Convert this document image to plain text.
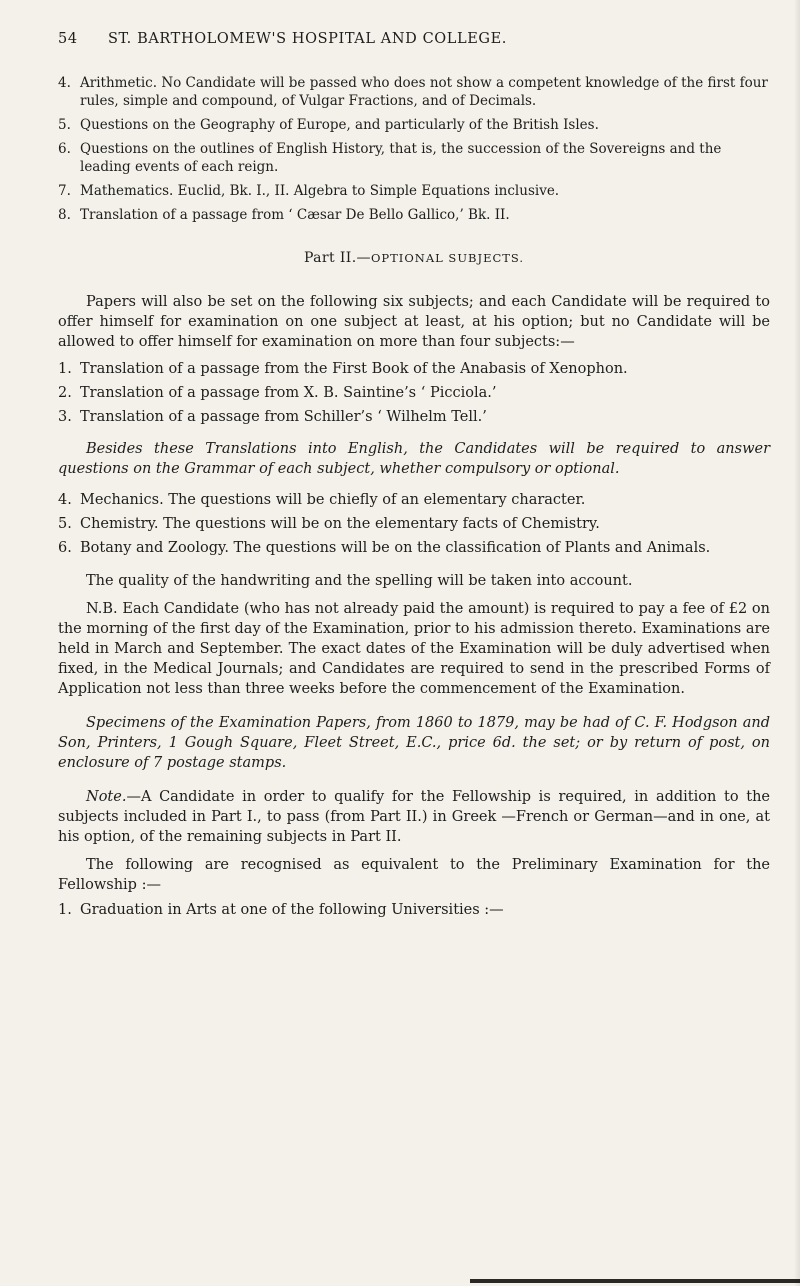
54 ST. BARTHOLOMEW'S HOSPITAL AND COLLEGE.
4. Arithmetic. No Candidate will be passed who does not show a competent knowledge of the first four rules, simple and compound, of Vulgar Fractions, and of Decimals.
5. Questions on the Geography of Europe, and particularly of the British Isles.
6. Questions on the outlines of English History, that is, the succession of the Sovereigns and the leading events of each reign.
7. Mathematics. Euclid, Bk. I., II. Algebra to Simple Equations inclusive.
8. Translation of a passage from ‘ Cæsar De Bello Gallico,’ Bk. II.
Part II.—OPTIONAL SUBJECTS.

Papers will also be set on the following six subjects; and each Candidate will be required to offer himself for examination on one subject at least, at his option; but no Candidate will be allowed to offer himself for examination on more than four subjects:—

1. Translation of a passage from the First Book of the Anabasis of Xenophon.
2. Translation of a passage from X. B. Saintine’s ‘ Picciola.’
3. Translation of a passage from Schiller’s ‘ Wilhelm Tell.’

Besides these Translations into English, the Candidates will be required to answer questions on the Grammar of each subject, whether compulsory or optional.

4. Mechanics. The questions will be chiefly of an elementary character.
5. Chemistry. The questions will be on the elementary facts of Chemistry.
6. Botany and Zoology. The questions will be on the classification of Plants and Animals.

The quality of the handwriting and the spelling will be taken into account.

N.B. Each Candidate (who has not already paid the amount) is required to pay a fee of £2 on the morning of the first day of the Examination, prior to his admission thereto. Examinations are held in March and September. The exact dates of the Examination will be duly advertised when fixed, in the Medical Journals; and Candidates are required to send in the prescribed Forms of Application not less than three weeks before the commencement of the Examination.

Specimens of the Examination Papers, from 1860 to 1879, may be had of C. F. Hodgson and Son, Printers, 1 Gough Square, Fleet Street, E.C., price 6d. the set; or by return of post, on enclosure of 7 postage stamps.

Note.—A Candidate in order to qualify for the Fellowship is required, in addition to the subjects included in Part I., to pass (from Part II.) in Greek —French or German—and in one, at his option, of the remaining subjects in Part II.

The following are recognised as equivalent to the Preliminary Examination for the Fellowship :—

1. Graduation in Arts at one of the following Universities :—
